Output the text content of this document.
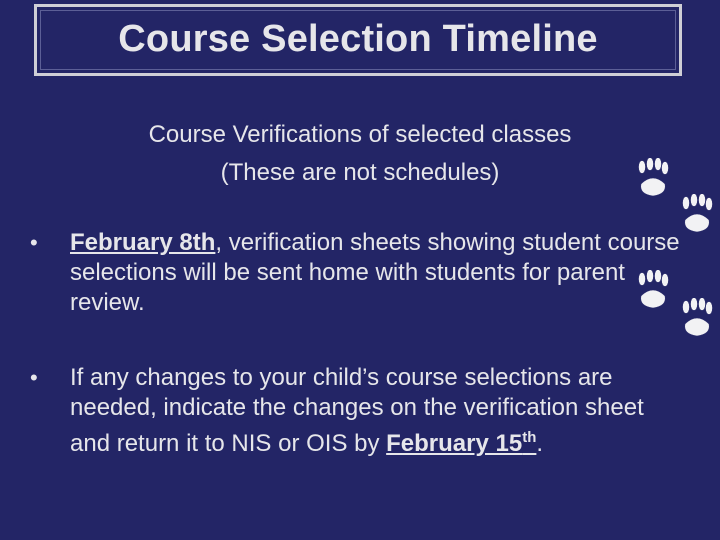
Course Selection Timeline
Course Verifications of selected classes
(These are not schedules)
•	February 8th, verification sheets showing student course selections will be sent home with students for parent review.
•	If any changes to your child’s course selections are needed, indicate the changes on the verification sheet and return it to NIS or OIS by February 15th.
